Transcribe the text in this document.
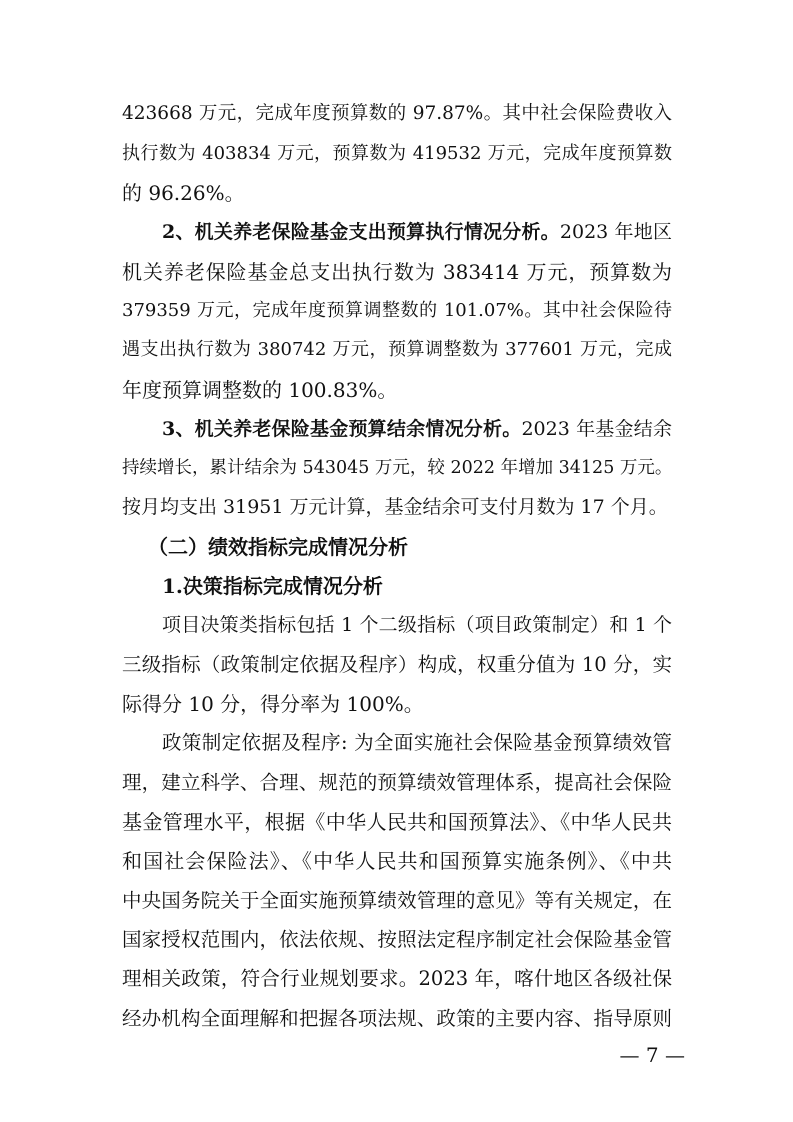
423668 万元，完成年度预算数的 97.87%。其中社会保险费收入
执行数为 403834 万元，预算数为 419532 万元，完成年度预算数
的 96.26%。
2、机关养老保险基金支出预算执行情况分析。2023 年地区
机关养老保险基金总支出执行数为 383414 万元，预算数为
379359 万元，完成年度预算调整数的 101.07%。其中社会保险待
遇支出执行数为 380742 万元，预算调整数为 377601 万元，完成
年度预算调整数的 100.83%。
3、机关养老保险基金预算结余情况分析。2023 年基金结余
持续增长，累计结余为 543045 万元，较 2022 年增加 34125 万元。
按月均支出 31951 万元计算，基金结余可支付月数为 17 个月。
（二）绩效指标完成情况分析
1.决策指标完成情况分析
项目决策类指标包括 1 个二级指标（项目政策制定）和 1 个
三级指标（政策制定依据及程序）构成，权重分值为 10 分，实
际得分 10 分，得分率为 100%。
政策制定依据及程序: 为全面实施社会保险基金预算绩效管
理，建立科学、合理、规范的预算绩效管理体系，提高社会保险
基金管理水平，根据《中华人民共和国预算法》、《中华人民共
和国社会保险法》、《中华人民共和国预算实施条例》、《中共
中央国务院关于全面实施预算绩效管理的意见》等有关规定，在
国家授权范围内，依法依规、按照法定程序制定社会保险基金管
理相关政策，符合行业规划要求。2023 年，喀什地区各级社保
经办机构全面理解和把握各项法规、政策的主要内容、指导原则
— 7 —
